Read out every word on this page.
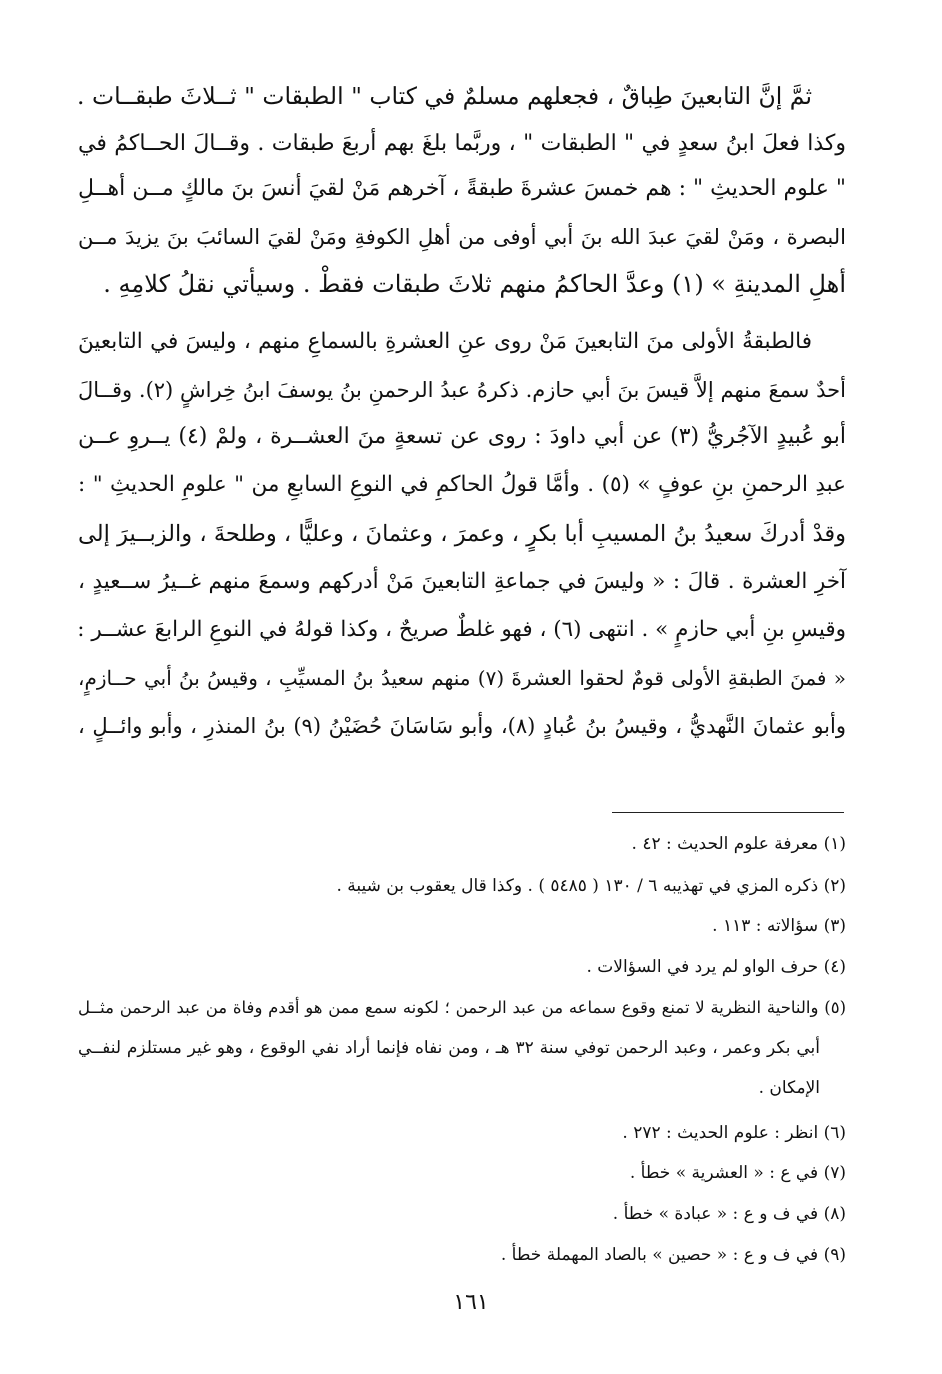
ثمَّ إنَّ التابعينَ طِباقٌ ، فجعلهم مسلمٌ في كتاب " الطبقات " ثــلاثَ طبقــات .
وكذا فعلَ ابنُ سعدٍ في " الطبقات " ، وربَّما بلغَ بهم أربعَ طبقات . وقــالَ الحــاكمُ في
" علوم الحديثِ " : هم خمسَ عشرةَ طبقةً ، آخرهم مَنْ لقيَ أنسَ بنَ مالكٍ مــن أهــلِ
البصرة ، ومَنْ لقيَ عبدَ الله بنَ أبي أوفى من أهلِ الكوفةِ ومَنْ لقيَ السائبَ بنَ يزيدَ مــن
أهلِ المدينةِ » (١) وعدَّ الحاكمُ منهم ثلاثَ طبقات فقطْ . وسيأتي نقلُ كلامِهِ .
فالطبقةُ الأولى منَ التابعينَ مَنْ روى عنِ العشرةِ بالسماعِ منهم ، وليسَ في التابعينَ
أحدٌ سمعَ منهم إلاَّ قيسَ بنَ أبي حازم. ذكرهُ عبدُ الرحمنِ بنُ يوسفَ ابنُ خِراشٍ (٢). وقــالَ
أبو عُبيدٍ الآجُريُّ (٣) عن أبي داودَ : روى عن تسعةٍ منَ العشــرة ، ولمْ (٤) يــروِ عــن
عبدِ الرحمنِ بنِ عوفٍ » (٥) . وأمَّا قولُ الحاكمِ في النوعِ السابعِ من " علومِ الحديثِ " :
وقدْ أدركَ سعيدُ بنُ المسيبِ أبا بكرٍ ، وعمرَ ، وعثمانَ ، وعليًّا ، وطلحةَ ، والزبــيرَ إلى
آخرِ العشرة . قالَ : « وليسَ في جماعةِ التابعينَ مَنْ أدركهم وسمعَ منهم غــيرُ ســعيدٍ ،
وقيسِ بنِ أبي حازمٍ » . انتهى (٦) ، فهو غلطٌ صريحٌ ، وكذا قولهُ في النوعِ الرابعَ عشــر :
« فمنَ الطبقةِ الأولى قومٌ لحقوا العشرةَ (٧) منهم سعيدُ بنُ المسيِّبِ ، وقيسُ بنُ أبي حــازمٍ،
وأبو عثمانَ النَّهديُّ ، وقيسُ بنُ عُبادٍ (٨)، وأبو سَاسَانَ حُضَيْنُ (٩) بنُ المنذرِ ، وأبو وائــلٍ ،
(١) معرفة علوم الحديث : ٤٢ .
(٢) ذكره المزي في تهذيبه ٦ / ١٣٠ ( ٥٤٨٥ ) . وكذا قال يعقوب بن شيبة .
(٣) سؤالاته : ١١٣ .
(٤) حرف الواو لم يرد في السؤالات .
(٥) والناحية النظرية لا تمنع وقوع سماعه من عبد الرحمن ؛ لكونه سمع ممن هو أقدم وفاة من عبد الرحمن مثــل
أبي بكر وعمر ، وعبد الرحمن توفي سنة ٣٢ هـ ، ومن نفاه فإنما أراد نفي الوقوع ، وهو غير مستلزم لنفــي
الإمكان .
(٦) انظر : علوم الحديث : ٢٧٢ .
(٧) في ع : « العشرية » خطأ .
(٨) في ف و ع : « عبادة » خطأ .
(٩) في ف و ع : « حصين » بالصاد المهملة خطأ .
١٦١
